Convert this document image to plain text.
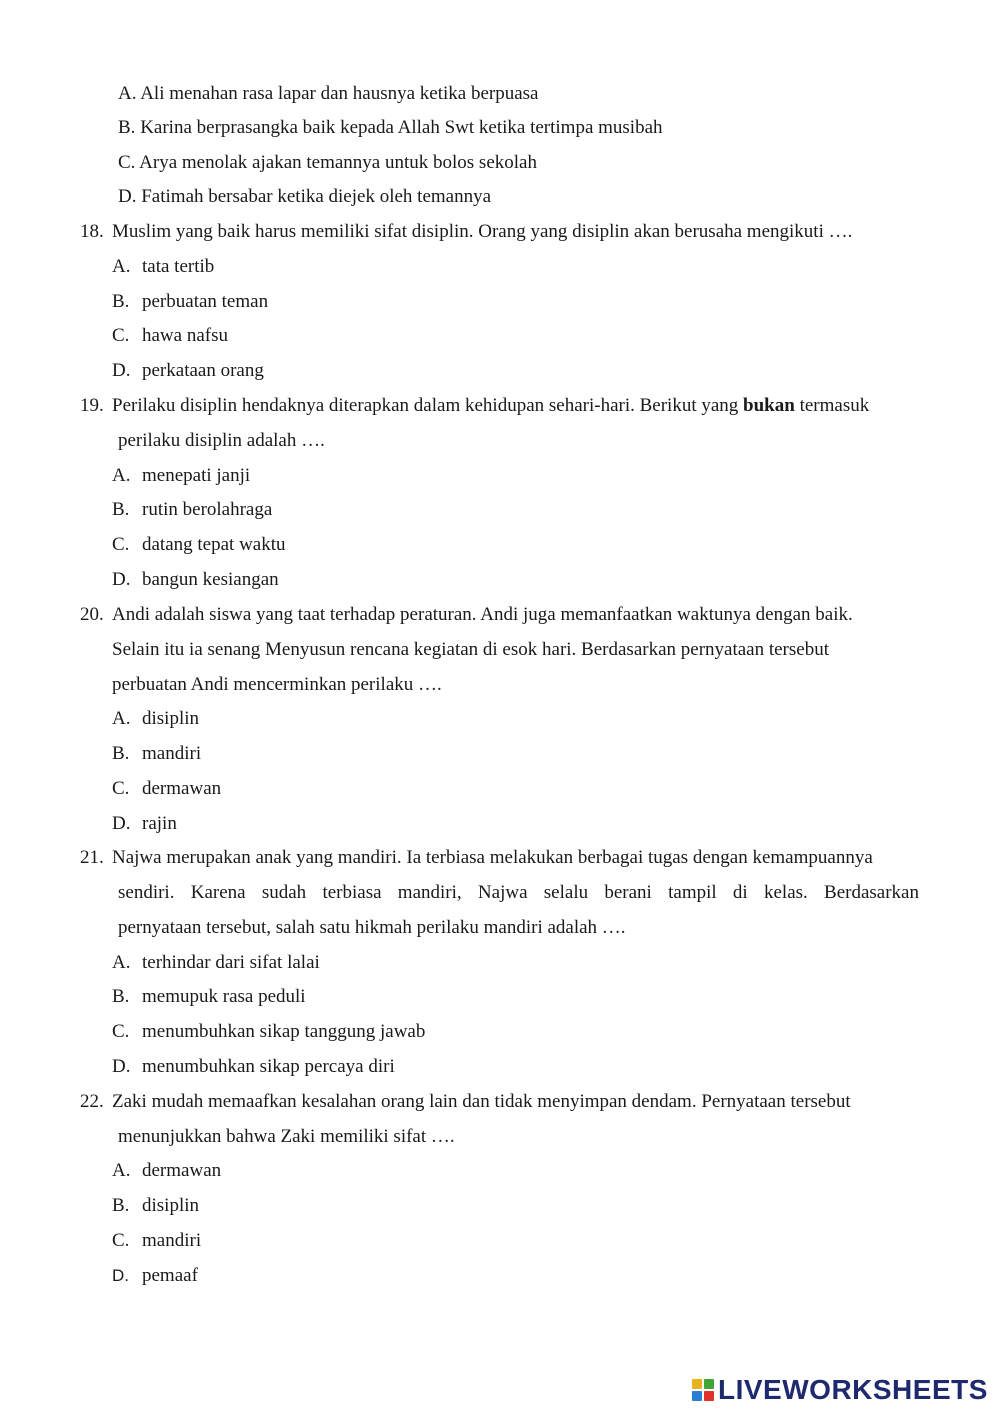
A. Ali menahan rasa lapar dan hausnya ketika berpuasa
B. Karina berprasangka baik kepada Allah Swt ketika tertimpa musibah
C. Arya menolak ajakan temannya untuk bolos sekolah
D. Fatimah bersabar ketika diejek oleh temannya
18. Muslim yang baik harus memiliki sifat disiplin. Orang yang disiplin akan berusaha mengikuti ….
A. tata tertib
B. perbuatan teman
C. hawa nafsu
D. perkataan orang
19. Perilaku disiplin hendaknya diterapkan dalam kehidupan sehari-hari. Berikut yang bukan termasuk
perilaku disiplin adalah ….
A. menepati janji
B. rutin berolahraga
C. datang tepat waktu
D. bangun kesiangan
20. Andi adalah siswa yang taat terhadap peraturan. Andi juga memanfaatkan waktunya dengan baik.
Selain itu ia senang Menyusun rencana kegiatan di esok hari. Berdasarkan pernyataan tersebut
perbuatan Andi mencerminkan perilaku ….
A. disiplin
B. mandiri
C. dermawan
D. rajin
21. Najwa merupakan anak yang mandiri. Ia terbiasa melakukan berbagai tugas dengan kemampuannya
sendiri. Karena sudah terbiasa mandiri, Najwa selalu berani tampil di kelas. Berdasarkan
pernyataan tersebut, salah satu hikmah perilaku mandiri adalah ….
A. terhindar dari sifat lalai
B. memupuk rasa peduli
C. menumbuhkan sikap tanggung jawab
D. menumbuhkan sikap percaya diri
22. Zaki mudah memaafkan kesalahan orang lain dan tidak menyimpan dendam. Pernyataan tersebut
menunjukkan bahwa Zaki memiliki sifat ….
A. dermawan
B. disiplin
C. mandiri
D. pemaaf
LIVEWORKSHEETS
